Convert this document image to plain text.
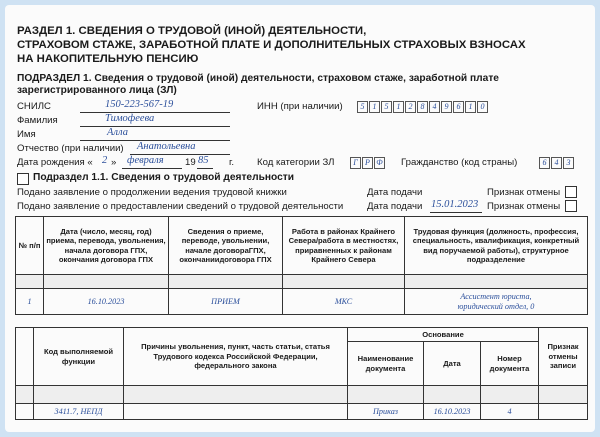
РАЗДЕЛ 1. СВЕДЕНИЯ О ТРУДОВОЙ (ИНОЙ) ДЕЯТЕЛЬНОСТИ,
СТРАХОВОМ СТАЖЕ, ЗАРАБОТНОЙ ПЛАТЕ И ДОПОЛНИТЕЛЬНЫХ СТРАХОВЫХ ВЗНОСАХ
НА НАКОПИТЕЛЬНУЮ ПЕНСИЮ
ПОДРАЗДЕЛ 1. Сведения о трудовой (иной) деятельности, страховом стаже, заработной плате
зарегистрированного лица (ЗЛ)
СНИЛС	150-223-567-19	ИНН (при наличии)	5	1	5	1	2	8	4	9	6	1	0
Фамилия	Тимофеева
Имя	Алла
Отчество (при наличии) Анатольевна
Дата рождения « 2 » февраля 19 85 г. Код категории ЗЛ	Г Р Ф Гражданство (код страны)	6	4	3
Подраздел 1.1. Сведения о трудовой деятельности
Подано заявление о продолжении ведения трудовой книжки	Дата подачи	Признак отмены
Подано заявление о предоставлении сведений о трудовой деятельности Дата подачи 15.01.2023 Признак отмены
№ п/п	Дата (число, месяц, год) приема, перевода, увольнения, начала договора ГПХ, окончания договора ГПХ	Сведения о приеме, переводе, увольнении, начале договораГПХ, окончаниидоговора ГПХ	Работа в районах Крайнего Севера/работа в местностях, приравненных к районам Крайнего Севера	Трудовая функция (должность, профессия, специальность, квалификация, конкретный вид поручаемой работы), структурное подразделение

1	16.10.2023	ПРИЕМ	МКС	Ассистент юриста,
юридический отдел, 0
	Код выполняемой функции	Причины увольнения, пункт, часть статьи, статья Трудового кодекса Российской Федерации, федерального закона	Основание			Признак отмены записи
			Наименование документа	Дата	Номер документа	

	3411.7, НЕПД		Приказ	16.10.2023	4	
